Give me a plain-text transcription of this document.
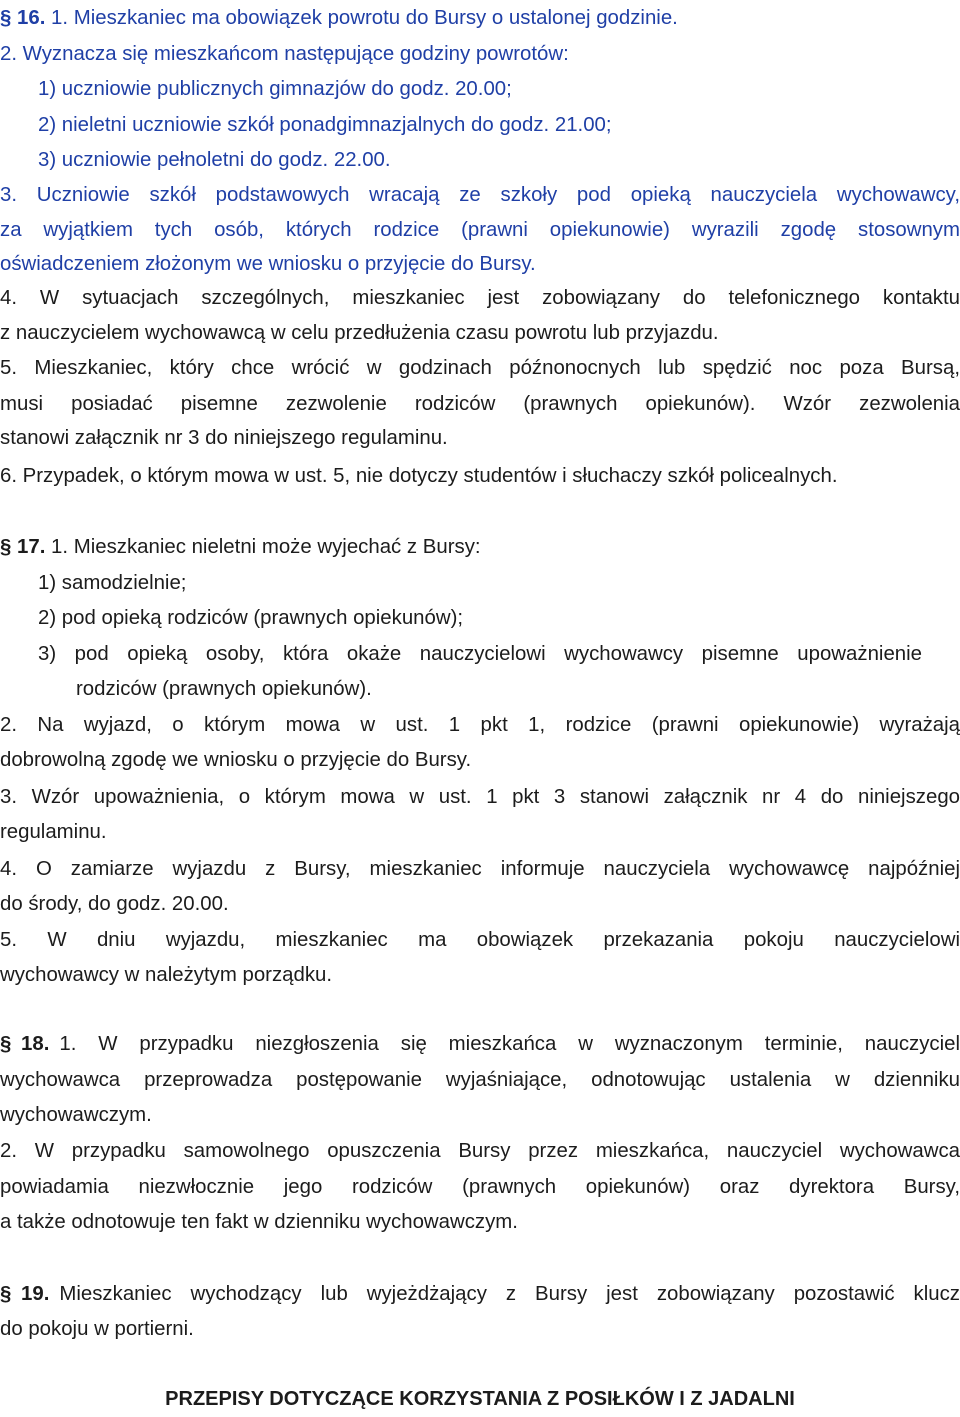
§ 16. 1. Mieszkaniec ma obowiązek powrotu do Bursy o ustalonej godzinie.
2. Wyznacza się mieszkańcom następujące godziny powrotów:
1) uczniowie publicznych gimnazjów do godz. 20.00;
2) nieletni uczniowie szkół ponadgimnazjalnych do godz. 21.00;
3) uczniowie pełnoletni do godz. 22.00.
3. Uczniowie szkół podstawowych wracają ze szkoły pod opieką nauczyciela wychowawcy,
za wyjątkiem tych osób, których rodzice (prawni opiekunowie) wyrazili zgodę stosownym
oświadczeniem złożonym we wniosku o przyjęcie do Bursy.
4. W sytuacjach szczególnych, mieszkaniec jest zobowiązany do telefonicznego kontaktu
z nauczycielem wychowawcą w celu przedłużenia czasu powrotu lub przyjazdu.
5. Mieszkaniec, który chce wrócić w godzinach późnonocnych lub spędzić noc poza Bursą,
musi posiadać pisemne zezwolenie rodziców (prawnych opiekunów). Wzór zezwolenia
stanowi załącznik nr 3 do niniejszego regulaminu.
6. Przypadek, o którym mowa w ust. 5, nie dotyczy studentów i słuchaczy szkół policealnych.
§ 17. 1. Mieszkaniec nieletni może wyjechać z Bursy:
1) samodzielnie;
2) pod opieką rodziców (prawnych opiekunów);
3) pod opieką osoby, która okaże nauczycielowi wychowawcy pisemne upoważnienie
rodziców (prawnych opiekunów).
2. Na wyjazd, o którym mowa w ust. 1 pkt 1, rodzice (prawni opiekunowie) wyrażają
dobrowolną zgodę we wniosku o przyjęcie do Bursy.
3. Wzór upoważnienia, o którym mowa w ust. 1 pkt 3 stanowi załącznik nr 4 do niniejszego
regulaminu.
4. O zamiarze wyjazdu z Bursy, mieszkaniec informuje nauczyciela wychowawcę najpóźniej
do środy, do godz. 20.00.
5. W dniu wyjazdu, mieszkaniec ma obowiązek przekazania pokoju nauczycielowi
wychowawcy w należytym porządku.
§ 18. 1. W przypadku niezgłoszenia się mieszkańca w wyznaczonym terminie, nauczyciel
wychowawca przeprowadza postępowanie wyjaśniające, odnotowując ustalenia w dzienniku
wychowawczym.
2. W przypadku samowolnego opuszczenia Bursy przez mieszkańca, nauczyciel wychowawca
powiadamia niezwłocznie jego rodziców (prawnych opiekunów) oraz dyrektora Bursy,
a także odnotowuje ten fakt w dzienniku wychowawczym.
§ 19. Mieszkaniec wychodzący lub wyjeżdżający z Bursy jest zobowiązany pozostawić klucz
do pokoju w portierni.
PRZEPISY DOTYCZĄCE KORZYSTANIA Z POSIŁKÓW I Z JADALNI
